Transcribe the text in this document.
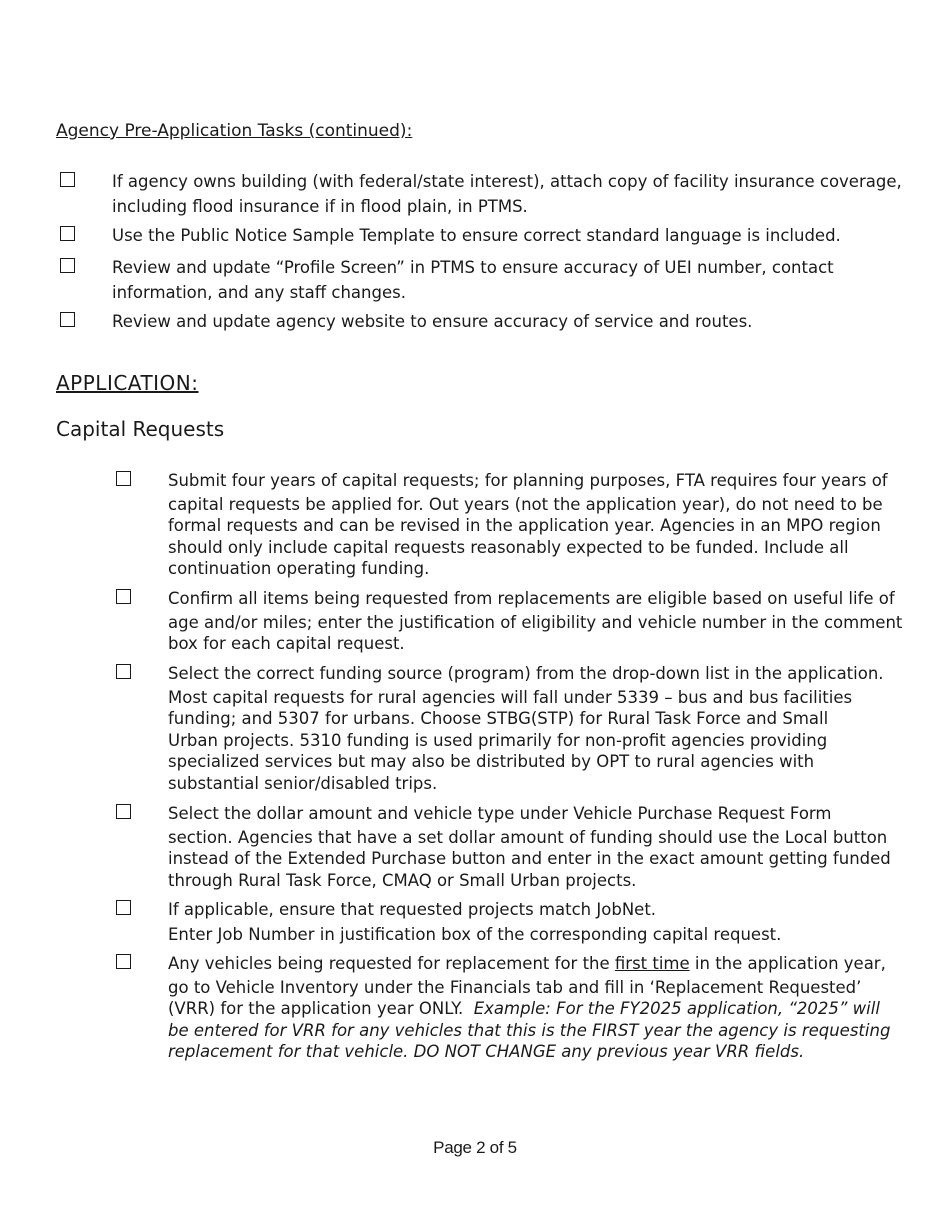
Agency Pre-Application Tasks (continued):
If agency owns building (with federal/state interest), attach copy of facility insurance coverage,
including flood insurance if in flood plain, in PTMS.
Use the Public Notice Sample Template to ensure correct standard language is included.
Review and update “Profile Screen” in PTMS to ensure accuracy of UEI number, contact
information, and any staff changes.
Review and update agency website to ensure accuracy of service and routes.
APPLICATION:
Capital Requests
Submit four years of capital requests; for planning purposes, FTA requires four years of
capital requests be applied for. Out years (not the application year), do not need to be
formal requests and can be revised in the application year. Agencies in an MPO region
should only include capital requests reasonably expected to be funded. Include all
continuation operating funding.
Confirm all items being requested from replacements are eligible based on useful life of
age and/or miles; enter the justification of eligibility and vehicle number in the comment
box for each capital request.
Select the correct funding source (program) from the drop-down list in the application.
Most capital requests for rural agencies will fall under 5339 – bus and bus facilities
funding; and 5307 for urbans. Choose STBG(STP) for Rural Task Force and Small
Urban projects. 5310 funding is used primarily for non-profit agencies providing
specialized services but may also be distributed by OPT to rural agencies with
substantial senior/disabled trips.
Select the dollar amount and vehicle type under Vehicle Purchase Request Form
section. Agencies that have a set dollar amount of funding should use the Local button
instead of the Extended Purchase button and enter in the exact amount getting funded
through Rural Task Force, CMAQ or Small Urban projects.
If applicable, ensure that requested projects match JobNet.
Enter Job Number in justification box of the corresponding capital request.
Any vehicles being requested for replacement for the first time in the application year,
go to Vehicle Inventory under the Financials tab and fill in ‘Replacement Requested’
(VRR) for the application year ONLY.  Example: For the FY2025 application, “2025” will
be entered for VRR for any vehicles that this is the FIRST year the agency is requesting
replacement for that vehicle. DO NOT CHANGE any previous year VRR fields.
Page 2 of 5
